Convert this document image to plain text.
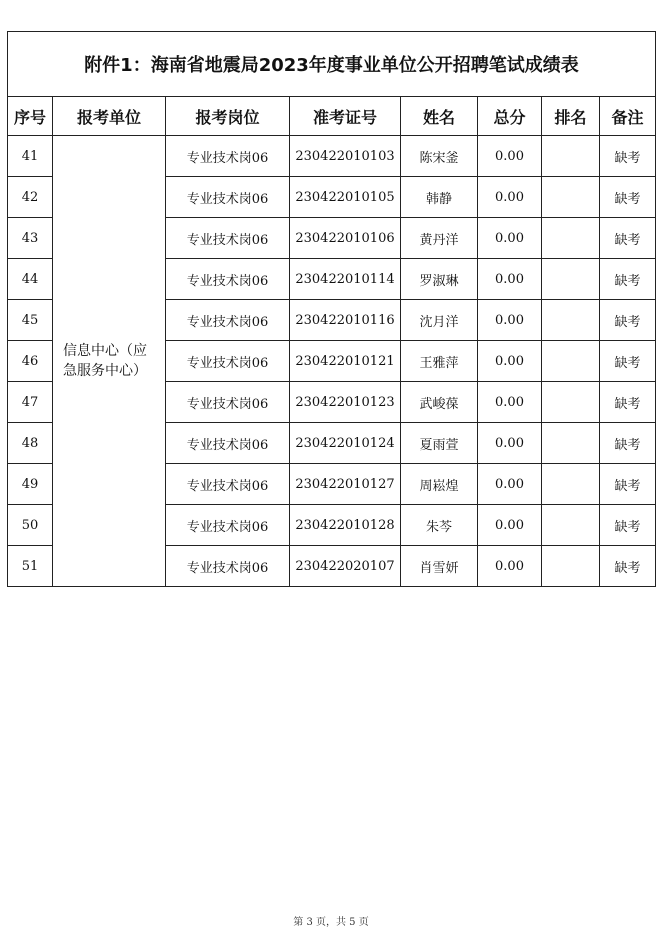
附件1：海南省地震局2023年度事业单位公开招聘笔试成绩表							
序号	报考单位	报考岗位	准考证号	姓名	总分	排名	备注
41	信息中心（应急服务中心）	专业技术岗06	230422010103	陈宋釜	0.00		缺考
42		专业技术岗06	230422010105	韩静	0.00		缺考
43		专业技术岗06	230422010106	黄丹洋	0.00		缺考
44		专业技术岗06	230422010114	罗淑琳	0.00		缺考
45		专业技术岗06	230422010116	沈月洋	0.00		缺考
46		专业技术岗06	230422010121	王雅萍	0.00		缺考
47		专业技术岗06	230422010123	武峻葆	0.00		缺考
48		专业技术岗06	230422010124	夏雨萱	0.00		缺考
49		专业技术岗06	230422010127	周崧煌	0.00		缺考
50		专业技术岗06	230422010128	朱芩	0.00		缺考
51		专业技术岗06	230422020107	肖雪妍	0.00		缺考
第 3 页，共 5 页
